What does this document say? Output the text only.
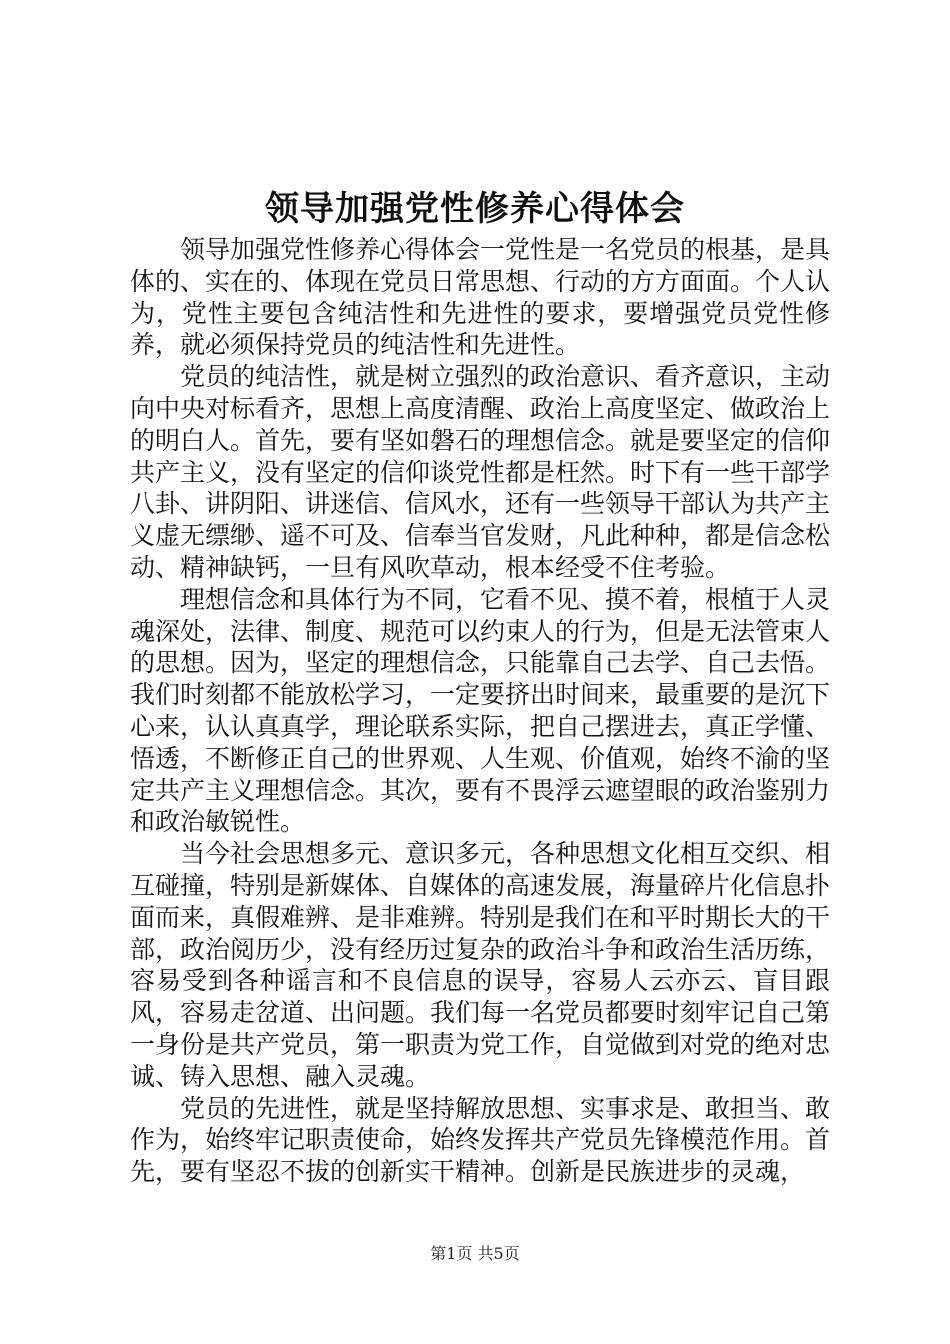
领导加强党性修养心得体会

领导加强党性修养心得体会一党性是一名党员的根基，是具体的、实在的、体现在党员日常思想、行动的方方面面。个人认为，党性主要包含纯洁性和先进性的要求，要增强党员党性修养，就必须保持党员的纯洁性和先进性。

党员的纯洁性，就是树立强烈的政治意识、看齐意识，主动向中央对标看齐，思想上高度清醒、政治上高度坚定、做政治上的明白人。首先，要有坚如磐石的理想信念。就是要坚定的信仰共产主义，没有坚定的信仰谈党性都是枉然。时下有一些干部学八卦、讲阴阳、讲迷信、信风水，还有一些领导干部认为共产主义虚无缥缈、遥不可及、信奉当官发财，凡此种种，都是信念松动、精神缺钙，一旦有风吹草动，根本经受不住考验。

理想信念和具体行为不同，它看不见、摸不着，根植于人灵魂深处，法律、制度、规范可以约束人的行为，但是无法管束人的思想。因为，坚定的理想信念，只能靠自己去学、自己去悟。我们时刻都不能放松学习，一定要挤出时间来，最重要的是沉下心来，认认真真学，理论联系实际，把自己摆进去，真正学懂、悟透，不断修正自己的世界观、人生观、价值观，始终不渝的坚定共产主义理想信念。其次，要有不畏浮云遮望眼的政治鉴别力和政治敏锐性。

当今社会思想多元、意识多元，各种思想文化相互交织、相互碰撞，特别是新媒体、自媒体的高速发展，海量碎片化信息扑面而来，真假难辨、是非难辨。特别是我们在和平时期长大的干部，政治阅历少，没有经历过复杂的政治斗争和政治生活历练，容易受到各种谣言和不良信息的误导，容易人云亦云、盲目跟风，容易走岔道、出问题。我们每一名党员都要时刻牢记自己第一身份是共产党员，第一职责为党工作，自觉做到对党的绝对忠诚、铸入思想、融入灵魂。

党员的先进性，就是坚持解放思想、实事求是、敢担当、敢作为，始终牢记职责使命，始终发挥共产党员先锋模范作用。首先，要有坚忍不拔的创新实干精神。创新是民族进步的灵魂，

第1页 共5页
